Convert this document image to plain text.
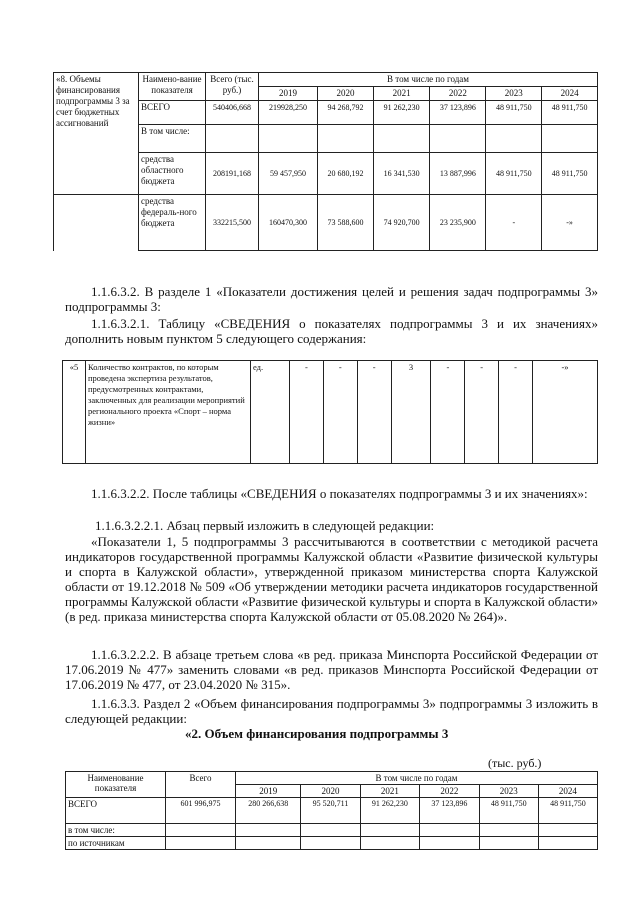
«8. Объемы финансирования подпрограммы 3 за счет бюджетных ассигнований	Наимено-вание показателя	Всего (тыс. руб.)	В том числе по годам					
			2019	2020	2021	2022	2023	2024
	ВСЕГО	540406,668	219928,250	94 268,792	91 262,230	37 123,896	48 911,750	48 911,750
	В том числе:							
	средства областного бюджета	208191,168	59 457,950	20 680,192	16 341,530	13 887,996	48 911,750	48 911,750
	средства федераль-ного бюджета	332215,500	160470,300	73 588,600	74 920,700	23 235,900	-	-»
1.1.6.3.2. В разделе 1 «Показатели достижения целей и решения задач подпрограммы 3» подпрограммы 3:
1.1.6.3.2.1. Таблицу «СВЕДЕНИЯ о показателях подпрограммы 3 и их значениях» дополнить новым пунктом 5 следующего содержания:
«5	Количество контрактов, по которым проведена экспертиза результатов, предусмотренных контрактами, заключенных для реализации мероприятий регионального проекта «Спорт – норма жизни»	ед.	-	-	-	3	-	-	-	-»
1.1.6.3.2.2. После таблицы «СВЕДЕНИЯ о показателях подпрограммы 3 и их значениях»:
1.1.6.3.2.2.1. Абзац первый изложить в следующей редакции:
«Показатели 1, 5 подпрограммы 3 рассчитываются в соответствии с методикой расчета индикаторов государственной программы Калужской области «Развитие физической культуры и спорта в Калужской области», утвержденной приказом министерства спорта Калужской области от 19.12.2018 № 509 «Об утверждении методики расчета индикаторов государственной программы Калужской области «Развитие физической культуры и спорта в Калужской области» (в ред. приказа министерства спорта Калужской области от 05.08.2020 № 264)».
1.1.6.3.2.2.2. В абзаце третьем слова «в ред. приказа Минспорта Российской Федерации от 17.06.2019 № 477» заменить словами «в ред. приказов Минспорта Российской Федерации от 17.06.2019 № 477, от 23.04.2020 № 315».
1.1.6.3.3. Раздел 2 «Объем финансирования подпрограммы 3» подпрограммы 3 изложить в следующей редакции:
«2. Объем финансирования подпрограммы 3
(тыс. руб.)
Наименование показателя	Всего	В том числе по годам					
		2019	2020	2021	2022	2023	2024
ВСЕГО	601 996,975	280 266,638	95 520,711	91 262,230	37 123,896	48 911,750	48 911,750
в том числе:							
по источникам							
